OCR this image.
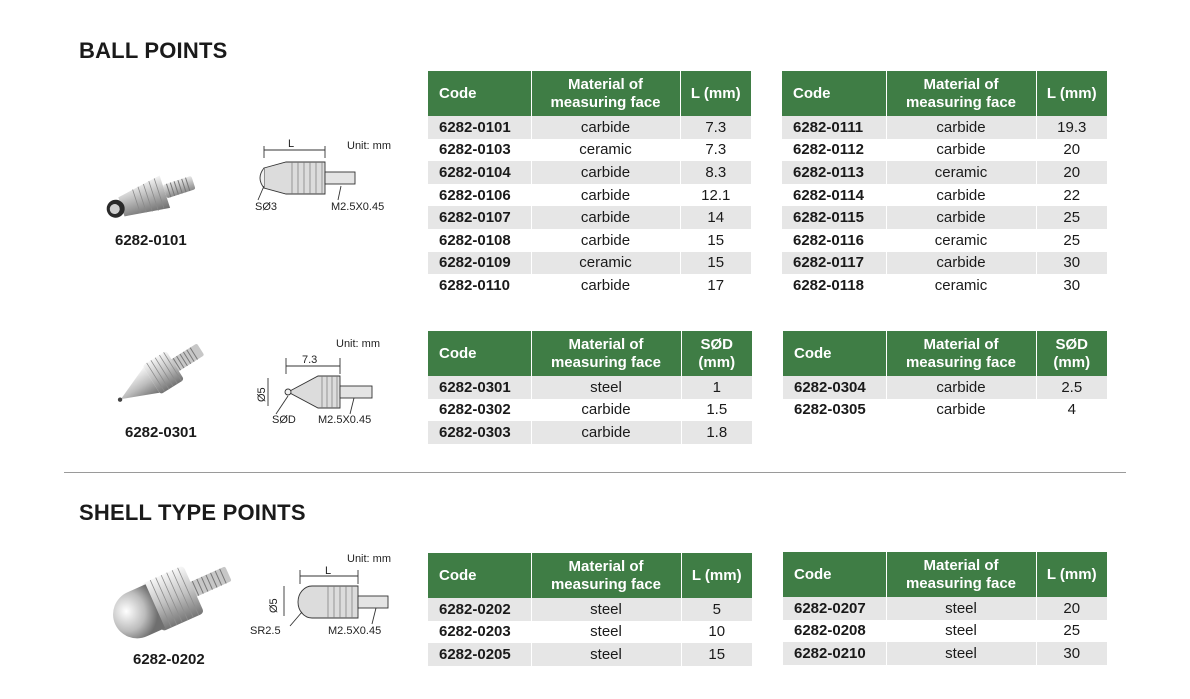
BALL POINTS
SHELL TYPE POINTS
6282-0101
Unit: mm
L
SØ3	M2.5X0.45
6282-0301
Unit: mm
7.3
Ø5
SØD M2.5X0.45
6282-0202
Unit: mm
L
Ø5
SR2.5	M2.5X0.45
Code	Material of measuring face	L (mm)
6282-0101	carbide	7.3
6282-0103	ceramic	7.3
6282-0104	carbide	8.3
6282-0106	carbide	12.1
6282-0107	carbide	14
6282-0108	carbide	15
6282-0109	ceramic	15
6282-0110	carbide	17
Code	Material of measuring face	L (mm)
6282-0111	carbide	19.3
6282-0112	carbide	20
6282-0113	ceramic	20
6282-0114	carbide	22
6282-0115	carbide	25
6282-0116	ceramic	25
6282-0117	carbide	30
6282-0118	ceramic	30
Code	Material of measuring face	SØD (mm)
6282-0301	steel	1
6282-0302	carbide	1.5
6282-0303	carbide	1.8
Code	Material of measuring face	SØD (mm)
6282-0304	carbide	2.5
6282-0305	carbide	4
Code	Material of measuring face	L (mm)
6282-0202	steel	5
6282-0203	steel	10
6282-0205	steel	15
Code	Material of measuring face	L (mm)
6282-0207	steel	20
6282-0208	steel	25
6282-0210	steel	30
